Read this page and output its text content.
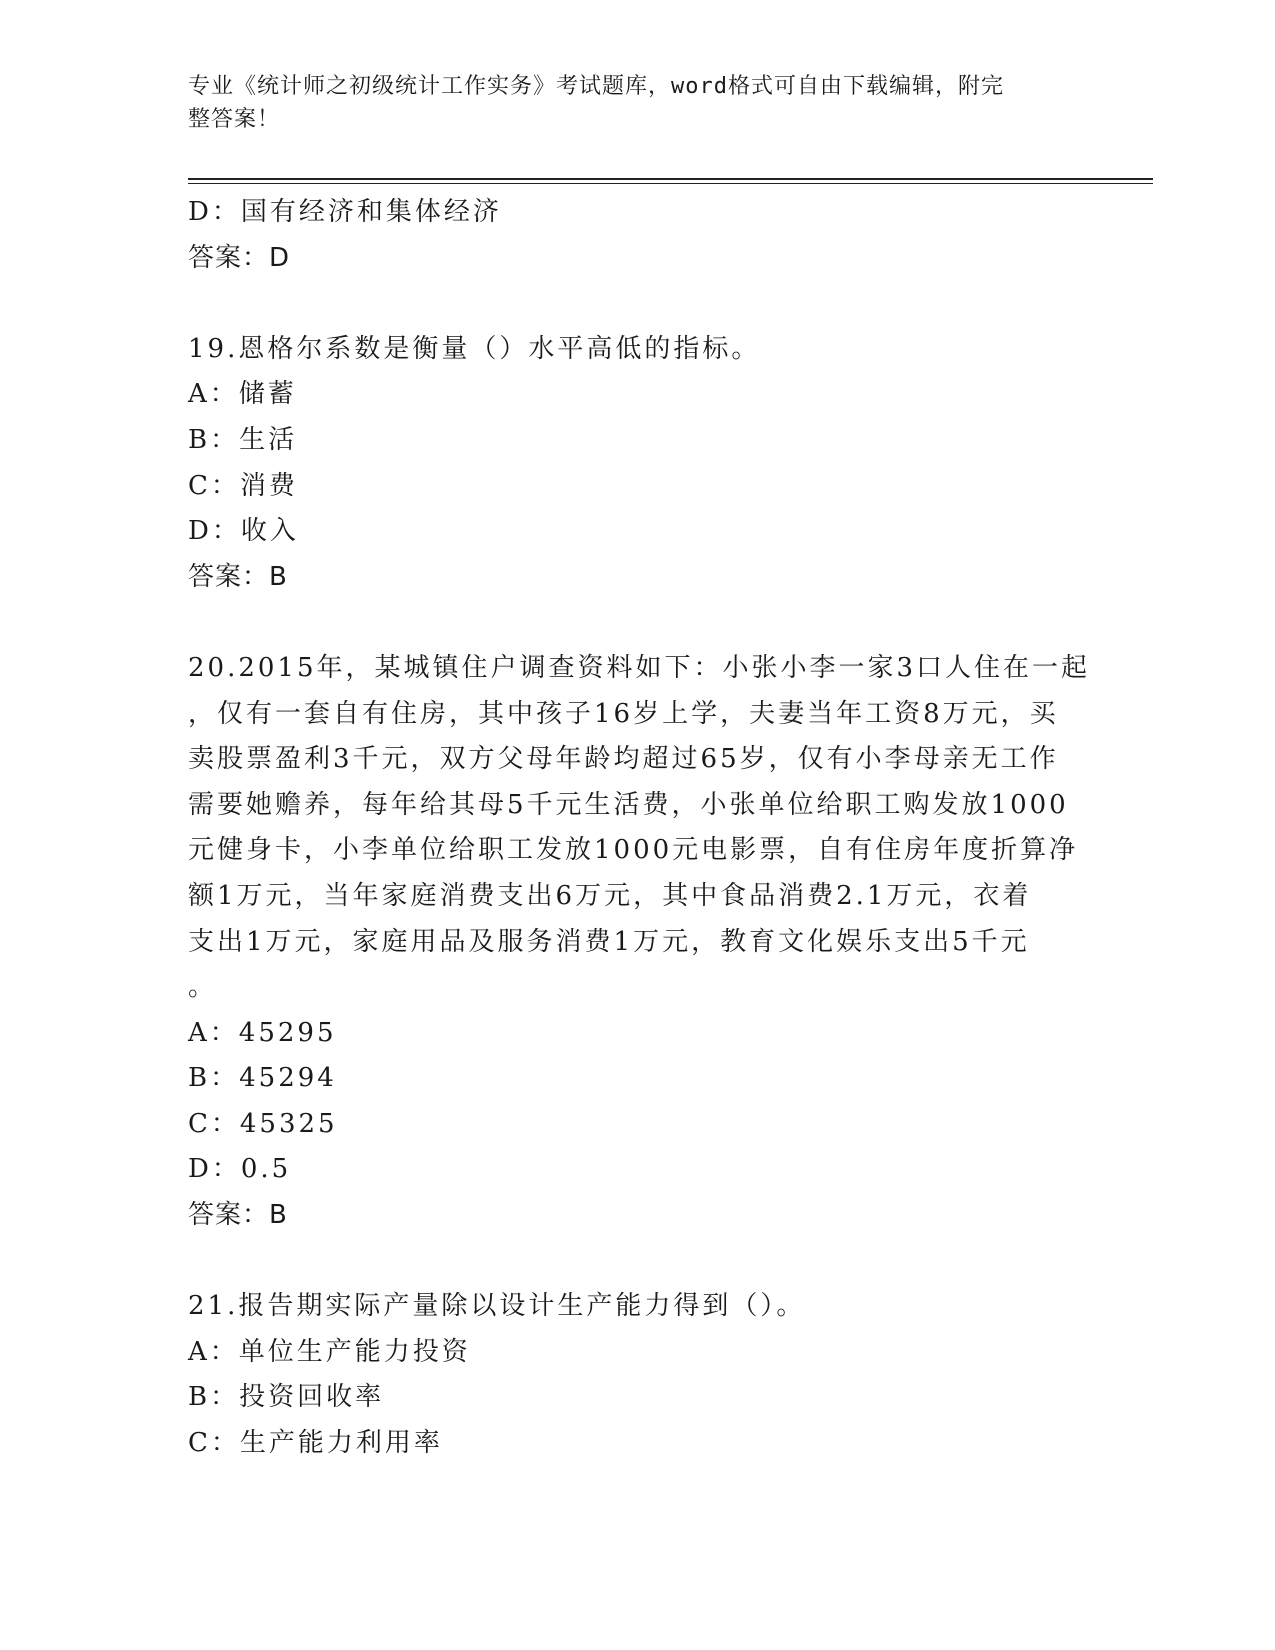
专业《统计师之初级统计工作实务》考试题库，word格式可自由下载编辑，附完
整答案！
D：国有经济和集体经济
答案：D
19.恩格尔系数是衡量（）水平高低的指标。
A：储蓄
B：生活
C：消费
D：收入
答案：B
20.2015年，某城镇住户调查资料如下：小张小李一家3口人住在一起
，仅有一套自有住房，其中孩子16岁上学，夫妻当年工资8万元，买
卖股票盈利3千元，双方父母年龄均超过65岁，仅有小李母亲无工作
需要她赡养，每年给其母5千元生活费，小张单位给职工购发放1000
元健身卡，小李单位给职工发放1000元电影票，自有住房年度折算净
额1万元，当年家庭消费支出6万元，其中食品消费2.1万元，衣着
支出1万元，家庭用品及服务消费1万元，教育文化娱乐支出5千元
。
A：45295
B：45294
C：45325
D：0.5
答案：B
21.报告期实际产量除以设计生产能力得到（）。
A：单位生产能力投资
B：投资回收率
C：生产能力利用率
